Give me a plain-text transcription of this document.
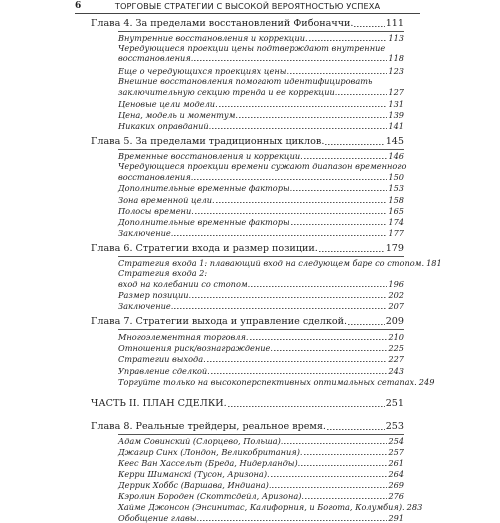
6	ТОРГОВЫЕ СТРАТЕГИИ С ВЫСОКОЙ ВЕРОЯТНОСТЬЮ УСПЕХА
Глава 4. За пределами восстановлений Фибоначчи.	111
Внутренние восстановления и коррекции.	113
Чередующиеся проекции цены подтверждают внутренние
восстановления.	118
Еще о чередующихся проекциях цены.	123
Внешние восстановления помогают идентифицировать
заключительную секцию тренда и ее коррекции.	127
Ценовые цели модели.	131
Цена, модель и моментум.	139
Никаких оправданий.	141
Глава 5. За пределами традиционных циклов.	145
Временные восстановления и коррекции.	146
Чередующиеся проекции времени сужают диапазон временного
восстановления.	150
Дополнительные временные факторы.	153
Зона временной цели.	158
Полосы времени.	165
Дополнительные временные факторы	174
Заключение.	177
Глава 6. Стратегии входа и размер позиции.	179
Стратегия входа 1: плавающий вход на следующем баре со стопом. 181
Стратегия входа 2:
вход на колебании со стопом.	196
Размер позиции.	202
Заключение.	207
Глава 7. Стратегии выхода и управление сделкой.	209
Многоэлементная торговля.	210
Отношения риск/вознаграждение.	225
Стратегии выхода.	227
Управление сделкой.	243
Торгуйте только на высокоперспективных оптимальных сетапах. 249
ЧАСТЬ II. ПЛАН СДЕЛКИ.	251
Глава 8. Реальные трейдеры, реальное время.	253
Адам Совинский (Слорцево, Польша).	254
Джагир Синх (Лондон, Великобритания).	257
Кеес Ван Хассельт (Бреда, Нидерланды).	261
Керри Шиманскі (Тусон, Аризона).	264
Деррик Хоббс (Варшава, Индиана).	269
Кэролин Бороден (Скоттсдейл, Аризона).	276
Хайме Джонсон (Энсинитас, Калифорния, и Богота, Колумбия). 283
Обобщение главы.	291
